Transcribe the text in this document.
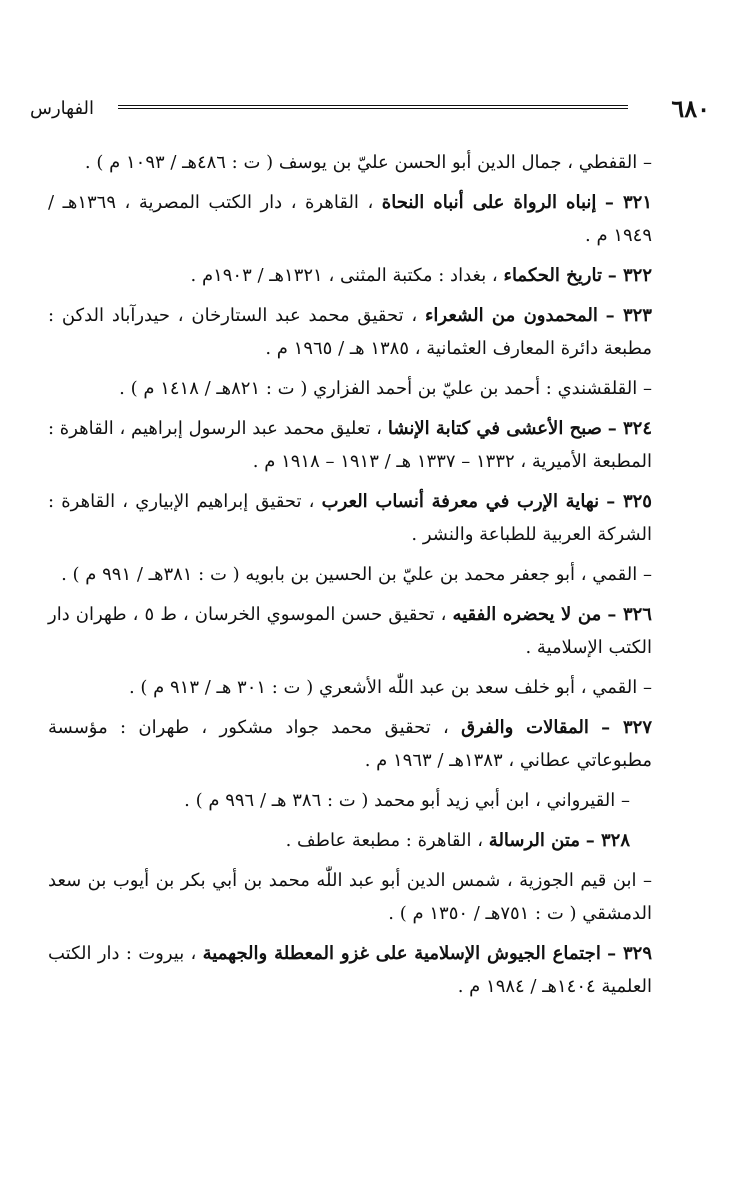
٦٨٠
الفهارس

– القفطي ، جمال الدين أبو الحسن عليّ بن يوسف ( ت : ٤٨٦هـ / ١٠٩٣ م ) .

٣٢١ – إنباه الرواة على أنباه النحاة ، القاهرة ، دار الكتب المصرية ، ١٣٦٩هـ / ١٩٤٩ م .

٣٢٢ – تاريخ الحكماء ، بغداد : مكتبة المثنى ، ١٣٢١هـ / ١٩٠٣م .

٣٢٣ – المحمدون من الشعراء ، تحقيق محمد عبد الستارخان ، حيدرآباد الدكن : مطبعة دائرة المعارف العثمانية ، ١٣٨٥ هـ / ١٩٦٥ م .

– القلقشندي : أحمد بن عليّ بن أحمد الفزاري ( ت : ٨٢١هـ / ١٤١٨ م ) .

٣٢٤ – صبح الأعشى في كتابة الإنشا ، تعليق محمد عبد الرسول إبراهيم ، القاهرة : المطبعة الأميرية ، ١٣٣٢ – ١٣٣٧ هـ / ١٩١٣ – ١٩١٨ م .

٣٢٥ – نهاية الإرب في معرفة أنساب العرب ، تحقيق إبراهيم الإبياري ، القاهرة : الشركة العربية للطباعة والنشر .

– القمي ، أبو جعفر محمد بن عليّ بن الحسين بن بابويه ( ت : ٣٨١هـ / ٩٩١ م ) .

٣٢٦ – من لا يحضره الفقيه ، تحقيق حسن الموسوي الخرسان ، ط ٥ ، طهران دار الكتب الإسلامية .

– القمي ، أبو خلف سعد بن عبد اللّٰه الأشعري ( ت : ٣٠١ هـ / ٩١٣ م ) .

٣٢٧ – المقالات والفرق ، تحقيق محمد جواد مشكور ، طهران : مؤسسة مطبوعاتي عطاني ، ١٣٨٣هـ / ١٩٦٣ م .

– القيرواني ، ابن أبي زيد أبو محمد ( ت : ٣٨٦ هـ / ٩٩٦ م ) .

٣٢٨ – متن الرسالة ، القاهرة : مطبعة عاطف .

– ابن قيم الجوزية ، شمس الدين أبو عبد اللّٰه محمد بن أبي بكر بن أيوب بن سعد الدمشقي ( ت : ٧٥١هـ / ١٣٥٠ م ) .

٣٢٩ – اجتماع الجيوش الإسلامية على غزو المعطلة والجهمية ، بيروت : دار الكتب العلمية ١٤٠٤هـ / ١٩٨٤ م .
